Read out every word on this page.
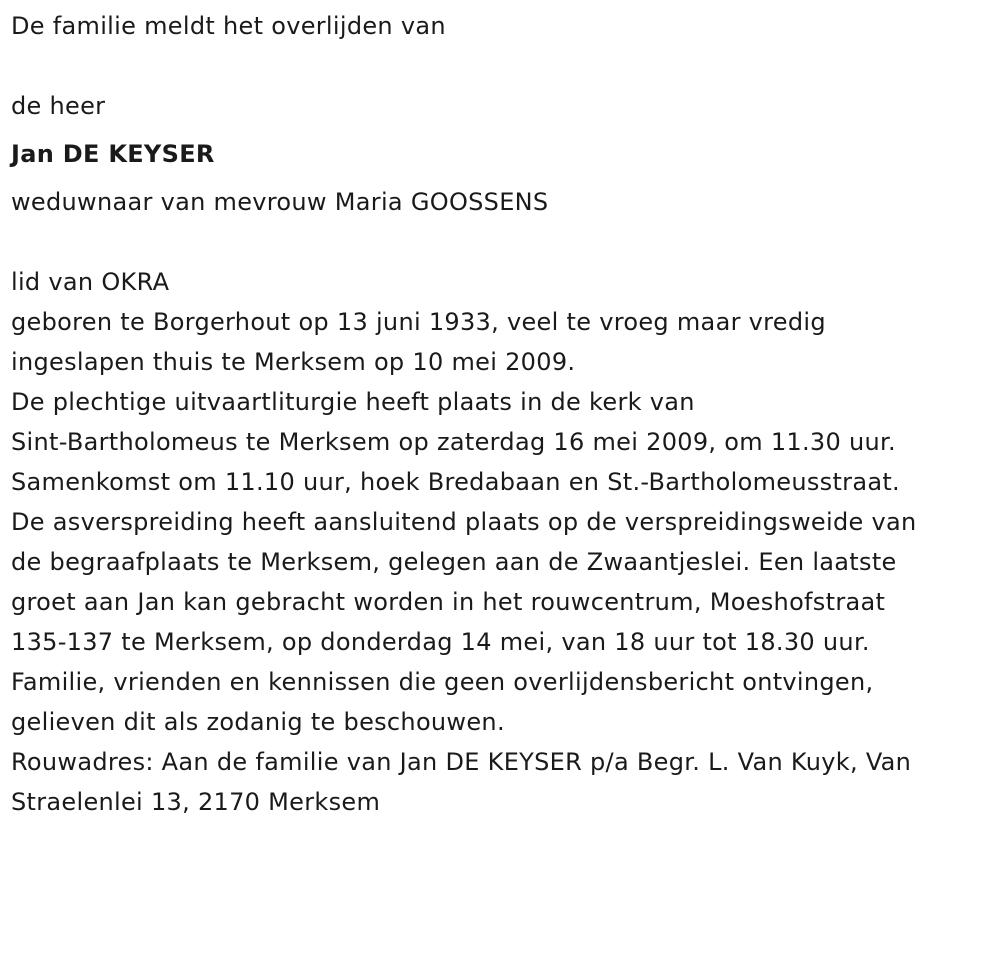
De familie meldt het overlijden van
de heer
Jan DE KEYSER
weduwnaar van mevrouw Maria GOOSSENS
lid van OKRA
geboren te Borgerhout op 13 juni 1933, veel te vroeg maar vredig
ingeslapen thuis te Merksem op 10 mei 2009.
De plechtige uitvaartliturgie heeft plaats in de kerk van
Sint-Bartholomeus te Merksem op zaterdag 16 mei 2009, om 11.30 uur.
Samenkomst om 11.10 uur, hoek Bredabaan en St.-Bartholomeusstraat.
De asverspreiding heeft aansluitend plaats op de verspreidingsweide van
de begraafplaats te Merksem, gelegen aan de Zwaantjeslei. Een laatste
groet aan Jan kan gebracht worden in het rouwcentrum, Moeshofstraat
135-137 te Merksem, op donderdag 14 mei, van 18 uur tot 18.30 uur.
Familie, vrienden en kennissen die geen overlijdensbericht ontvingen,
gelieven dit als zodanig te beschouwen.
Rouwadres: Aan de familie van Jan DE KEYSER p/a Begr. L. Van Kuyk, Van
Straelenlei 13, 2170 Merksem
